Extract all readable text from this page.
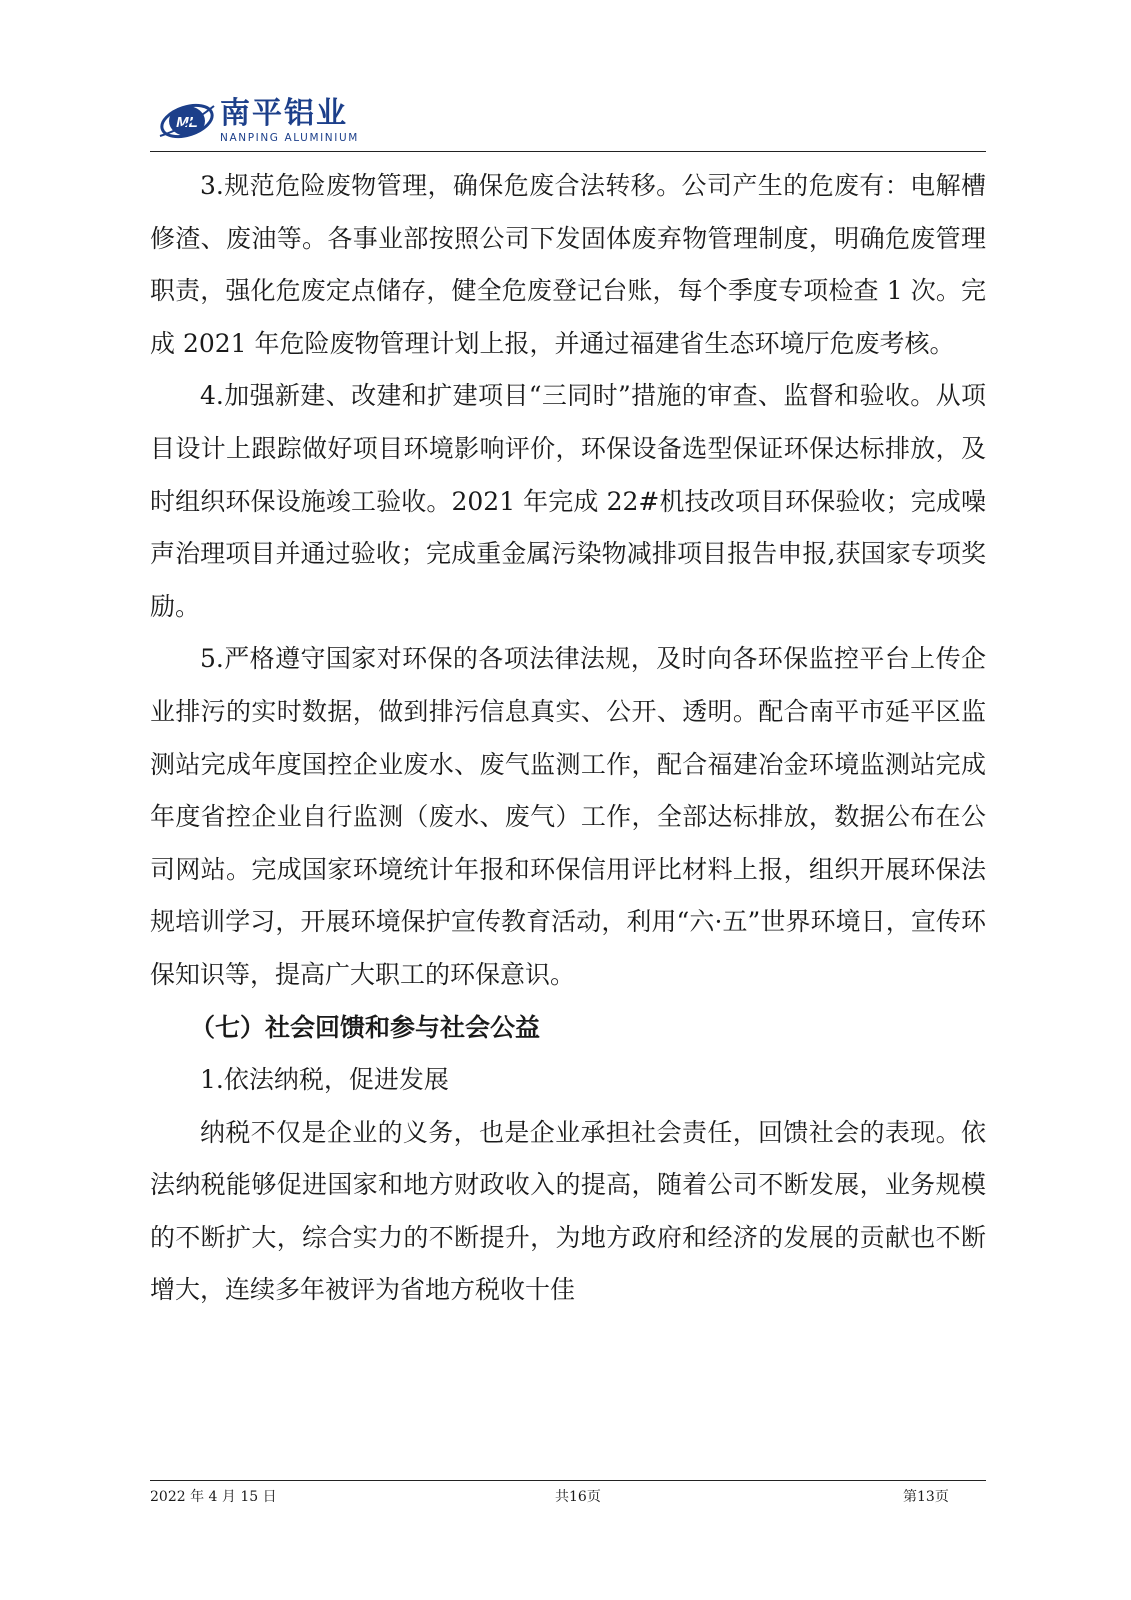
ML 南平铝业
NANPING ALUMINIUM

3.规范危险废物管理，确保危废合法转移。公司产生的危废有：电解槽修渣、废油等。各事业部按照公司下发固体废弃物管理制度，明确危废管理职责，强化危废定点储存，健全危废登记台账，每个季度专项检查 1 次。完成 2021 年危险废物管理计划上报，并通过福建省生态环境厅危废考核。

4.加强新建、改建和扩建项目“三同时”措施的审查、监督和验收。从项目设计上跟踪做好项目环境影响评价，环保设备选型保证环保达标排放，及时组织环保设施竣工验收。2021 年完成 22#机技改项目环保验收；完成噪声治理项目并通过验收；完成重金属污染物减排项目报告申报,获国家专项奖励。

5.严格遵守国家对环保的各项法律法规，及时向各环保监控平台上传企业排污的实时数据，做到排污信息真实、公开、透明。配合南平市延平区监测站完成年度国控企业废水、废气监测工作，配合福建冶金环境监测站完成年度省控企业自行监测（废水、废气）工作，全部达标排放，数据公布在公司网站。完成国家环境统计年报和环保信用评比材料上报，组织开展环保法规培训学习，开展环境保护宣传教育活动，利用“六·五”世界环境日，宣传环保知识等，提高广大职工的环保意识。

（七）社会回馈和参与社会公益

1.依法纳税，促进发展

纳税不仅是企业的义务，也是企业承担社会责任，回馈社会的表现。依法纳税能够促进国家和地方财政收入的提高，随着公司不断发展，业务规模的不断扩大，综合实力的不断提升，为地方政府和经济的发展的贡献也不断增大，连续多年被评为省地方税收十佳

2022 年 4 月 15 日	共16页	第13页
